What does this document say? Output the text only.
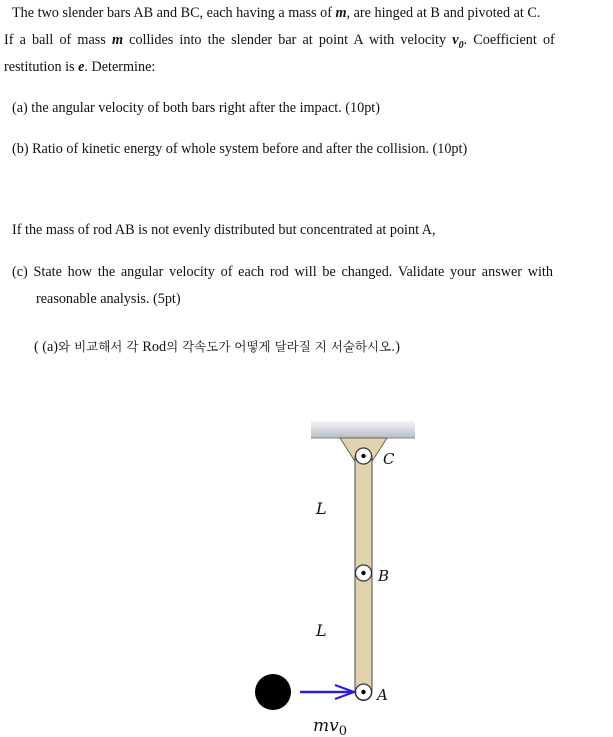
The two slender bars AB and BC, each having a mass of m, are hinged at B and pivoted at C.
If a ball of mass m collides into the slender bar at point A with velocity $v_0$. Coefficient of
restitution is e. Determine:
(a) the angular velocity of both bars right after the impact. (10pt)
(b) Ratio of kinetic energy of whole system before and after the collision. (10pt)
If the mass of rod AB is not evenly distributed but concentrated at point A,
(c) State how the angular velocity of each rod will be changed. Validate your answer with
reasonable analysis. (5pt)
( (a)와 비교해서 각 Rod의 각속도가 어떻게 달라질 지 서술하시오.)
C
B
A
L
L
$mv_0$
